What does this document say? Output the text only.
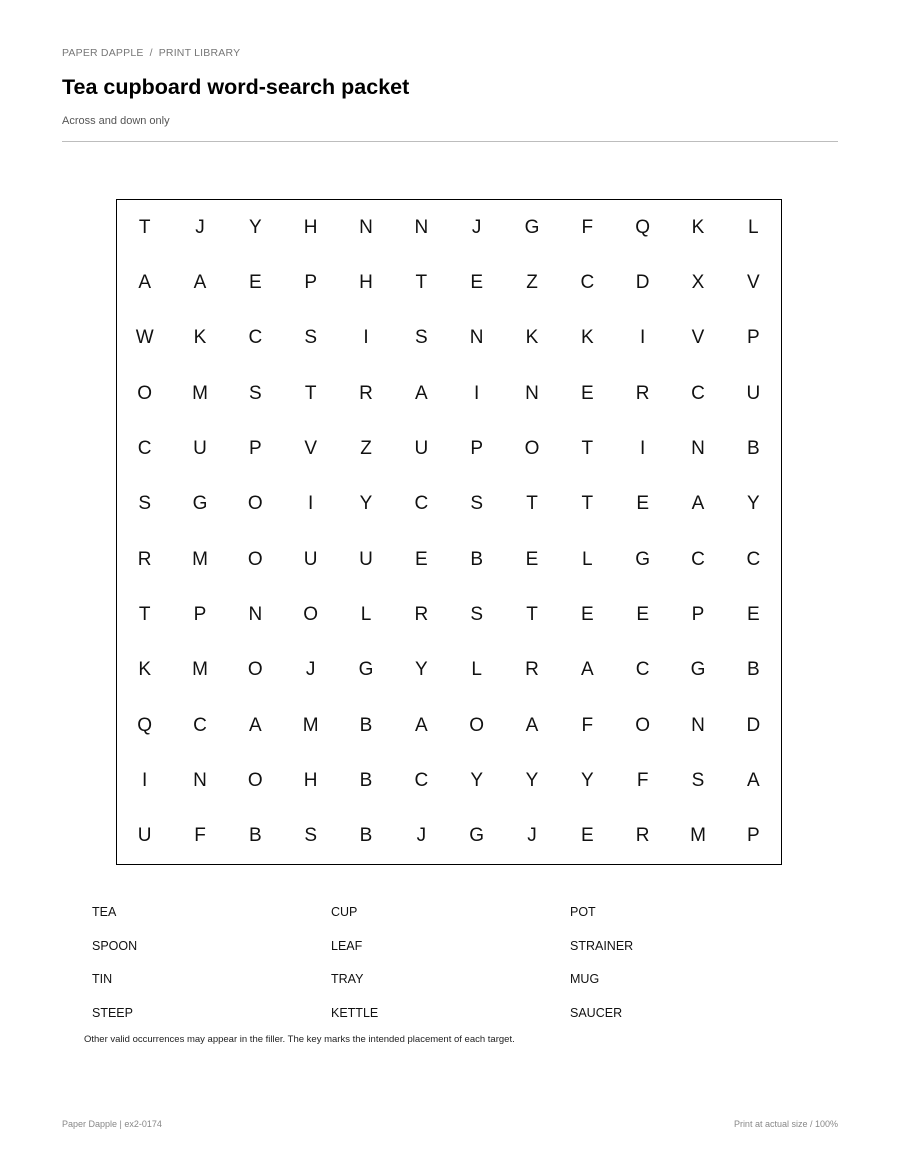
PAPER DAPPLE / PRINT LIBRARY
Tea cupboard word-search packet
Across and down only
T	J	Y	H	N	N	J	G	F	Q	K	L
A	A	E	P	H	T	E	Z	C	D	X	V
W	K	C	S	I	S	N	K	K	I	V	P
O	M	S	T	R	A	I	N	E	R	C	U
C	U	P	V	Z	U	P	O	T	I	N	B
S	G	O	I	Y	C	S	T	T	E	A	Y
R	M	O	U	U	E	B	E	L	G	C	C
T	P	N	O	L	R	S	T	E	E	P	E
K	M	O	J	G	Y	L	R	A	C	G	B
Q	C	A	M	B	A	O	A	F	O	N	D
I	N	O	H	B	C	Y	Y	Y	F	S	A
U	F	B	S	B	J	G	J	E	R	M	P
TEA	CUP	POT
SPOON	LEAF	STRAINER
TIN	TRAY	MUG
STEEP	KETTLE	SAUCER
Other valid occurrences may appear in the filler. The key marks the intended placement of each target.
Paper Dapple | ex2-0174	Print at actual size / 100%
